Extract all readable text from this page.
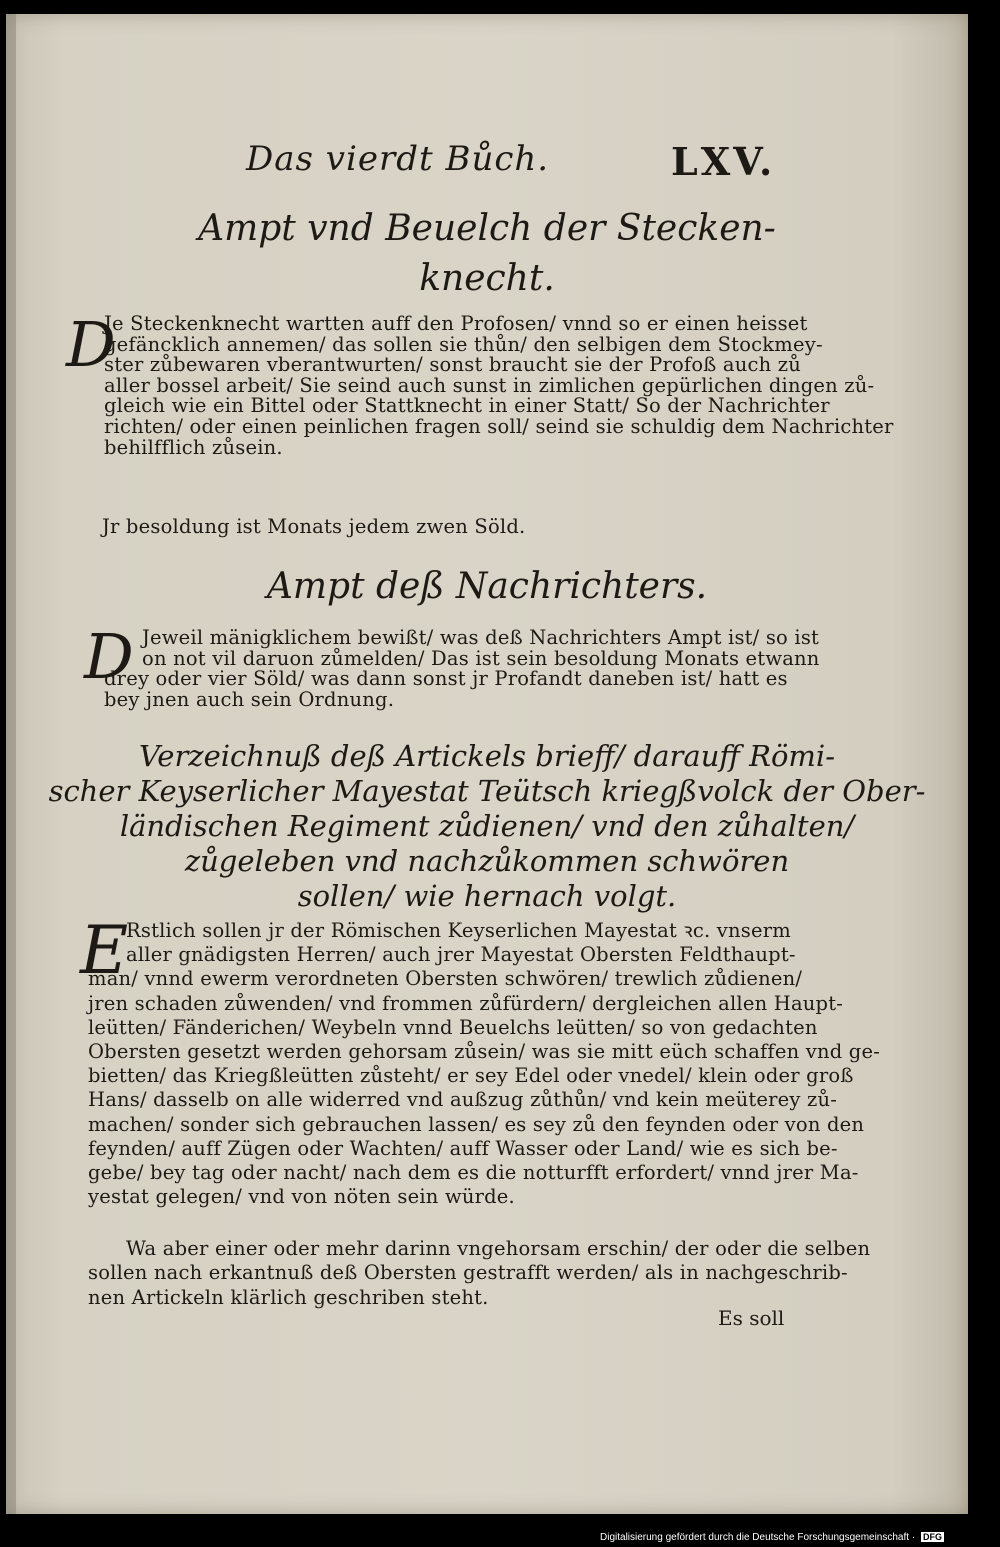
Das vierdt Bůch.	LXV.
Ampt vnd Beuelch der Stecken-
knecht.
D
Je Steckenknecht wartten auff den Profosen/ vnnd so er einen heisset
gefäncklich annemen/ das sollen sie thůn/ den selbigen dem Stockmey-
ster zůbewaren vberantwurten/ sonst braucht sie der Profoß auch zů
aller bossel arbeit/ Sie seind auch sunst in zimlichen gepürlichen dingen zů-
gleich wie ein Bittel oder Stattknecht in einer Statt/ So der Nachrichter
richten/ oder einen peinlichen fragen soll/ seind sie schuldig dem Nachrichter
behilfflich zůsein.
Jr besoldung ist Monats jedem zwen Söld.
Ampt deß Nachrichters.
D Jeweil mänigklichem bewißt/ was deß Nachrichters Ampt ist/ so ist
on not vil daruon zůmelden/ Das ist sein besoldung Monats etwann
drey oder vier Söld/ was dann sonst jr Profandt daneben ist/ hatt es
bey jnen auch sein Ordnung.
Verzeichnuß deß Artickels brieff/ darauff Römi-
scher Keyserlicher Mayestat Teütsch kriegßvolck der Ober-
ländischen Regiment zůdienen/ vnd den zůhalten/
zůgeleben vnd nachzůkommen schwören
sollen/ wie hernach volgt.
E
Rstlich sollen jr der Römischen Keyserlichen Mayestat ꝛc. vnserm
aller gnädigsten Herren/ auch jrer Mayestat Obersten Feldthaupt-
man/ vnnd ewerm verordneten Obersten schwören/ trewlich zůdienen/
jren schaden zůwenden/ vnd frommen zůfürdern/ dergleichen allen Haupt-
leütten/ Fänderichen/ Weybeln vnnd Beuelchs leütten/ so von gedachten
Obersten gesetzt werden gehorsam zůsein/ was sie mitt eüch schaffen vnd ge-
bietten/ das Kriegßleütten zůsteht/ er sey Edel oder vnedel/ klein oder groß
Hans/ dasselb on alle widerred vnd außzug zůthůn/ vnd kein meüterey zů-
machen/ sonder sich gebrauchen lassen/ es sey zů den feynden oder von den
feynden/ auff Zügen oder Wachten/ auff Wasser oder Land/ wie es sich be-
gebe/ bey tag oder nacht/ nach dem es die notturfft erfordert/ vnnd jrer Ma-
yestat gelegen/ vnd von nöten sein würde.
Wa aber einer oder mehr darinn vngehorsam erschin/ der oder die selben
sollen nach erkantnuß deß Obersten gestrafft werden/ als in nachgeschrib-
nen Artickeln klärlich geschriben steht.
Es soll
Digitalisierung gefördert durch die Deutsche Forschungsgemeinschaft · DFG
